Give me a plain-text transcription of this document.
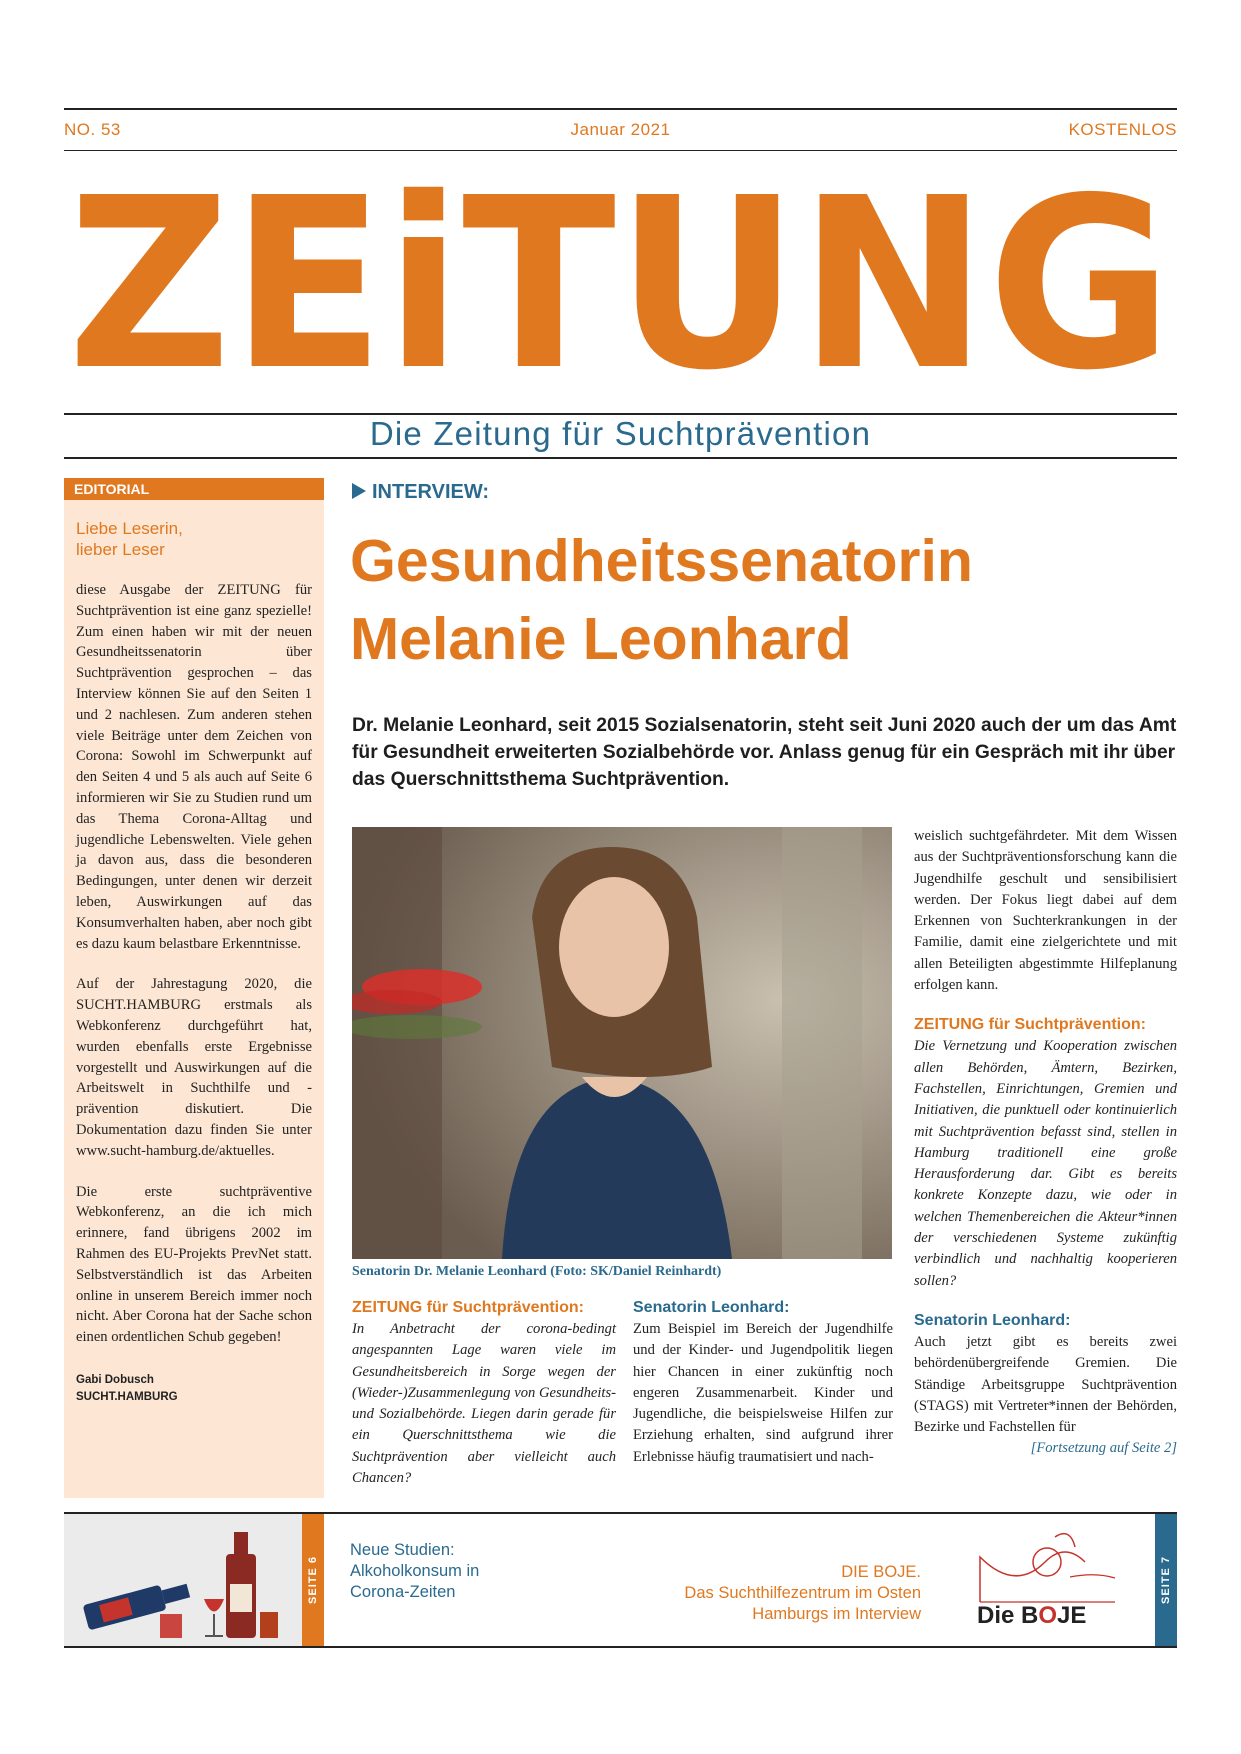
NO. 53	Januar 2021	KOSTENLOS
ZEiTUNG
Die Zeitung für Suchtprävention
EDITORIAL
Liebe Leserin,
lieber Leser

diese Ausgabe der ZEITUNG für Suchtprävention ist eine ganz spezielle! Zum einen haben wir mit der neuen Gesundheitssenatorin über Suchtprävention gesprochen – das Interview können Sie auf den Seiten 1 und 2 nachlesen. Zum anderen stehen viele Beiträge unter dem Zeichen von Corona: Sowohl im Schwerpunkt auf den Seiten 4 und 5 als auch auf Seite 6 informieren wir Sie zu Studien rund um das Thema Corona-Alltag und jugendliche Lebenswelten. Viele gehen ja davon aus, dass die besonderen Bedingungen, unter denen wir derzeit leben, Auswirkungen auf das Konsumverhalten haben, aber noch gibt es dazu kaum belastbare Erkenntnisse.

Auf der Jahrestagung 2020, die SUCHT.HAMBURG erstmals als Webkonferenz durchgeführt hat, wurden ebenfalls erste Ergebnisse vorgestellt und Auswirkungen auf die Arbeitswelt in Suchthilfe und -prävention diskutiert. Die Dokumentation dazu finden Sie unter www.sucht-hamburg.de/aktuelles.

Die erste suchtpräventive Webkonferenz, an die ich mich erinnere, fand übrigens 2002 im Rahmen des EU-Projekts PrevNet statt. Selbstverständlich ist das Arbeiten online in unserem Bereich immer noch nicht. Aber Corona hat der Sache schon einen ordentlichen Schub gegeben!

Gabi Dobusch
SUCHT.HAMBURG
INTERVIEW:
Gesundheitssenatorin
Melanie Leonhard
Dr. Melanie Leonhard, seit 2015 Sozialsenatorin, steht seit Juni 2020 auch der um das Amt für Gesundheit erweiterten Sozialbehörde vor. Anlass genug für ein Gespräch mit ihr über das Querschnittsthema Suchtprävention.
Senatorin Dr. Melanie Leonhard (Foto: SK/Daniel Reinhardt)
ZEITUNG für Suchtprävention:

In Anbetracht der corona-bedingt angespannten Lage waren viele im Gesundheitsbereich in Sorge wegen der (Wieder-)Zusammenlegung von Gesundheits- und Sozialbehörde. Liegen darin gerade für ein Querschnittsthema wie die Suchtprävention aber vielleicht auch Chancen?

Senatorin Leonhard:

Zum Beispiel im Bereich der Jugendhilfe und der Kinder- und Jugendpolitik liegen hier Chancen in einer zukünftig noch engeren Zusammenarbeit. Kinder und Jugendliche, die beispielsweise Hilfen zur Erziehung erhalten, sind aufgrund ihrer Erlebnisse häufig traumatisiert und nach-

weislich suchtgefährdeter. Mit dem Wissen aus der Suchtpräventionsforschung kann die Jugendhilfe geschult und sensibilisiert werden. Der Fokus liegt dabei auf dem Erkennen von Suchterkrankungen in der Familie, damit eine zielgerichtete und mit allen Beteiligten abgestimmte Hilfeplanung erfolgen kann.

ZEITUNG für Suchtprävention:

Die Vernetzung und Kooperation zwischen allen Behörden, Ämtern, Bezirken, Fachstellen, Einrichtungen, Gremien und Initiativen, die punktuell oder kontinuierlich mit Suchtprävention befasst sind, stellen in Hamburg traditionell eine große Herausforderung dar. Gibt es bereits konkrete Konzepte dazu, wie oder in welchen Themenbereichen die Akteur*innen der verschiedenen Systeme zukünftig verbindlich und nachhaltig kooperieren sollen?

Senatorin Leonhard:

Auch jetzt gibt es bereits zwei behördenübergreifende Gremien. Die Ständige Arbeitsgruppe Suchtprävention (STAGS) mit Vertreter*innen der Behörden, Bezirke und Fachstellen für

[Fortsetzung auf Seite 2]

SEITE 6
Neue Studien:
Alkoholkonsum in
Corona-Zeiten
DIE BOJE.
Das Suchthilfezentrum im Osten
Hamburgs im Interview Die BOJE
SEITE 7
